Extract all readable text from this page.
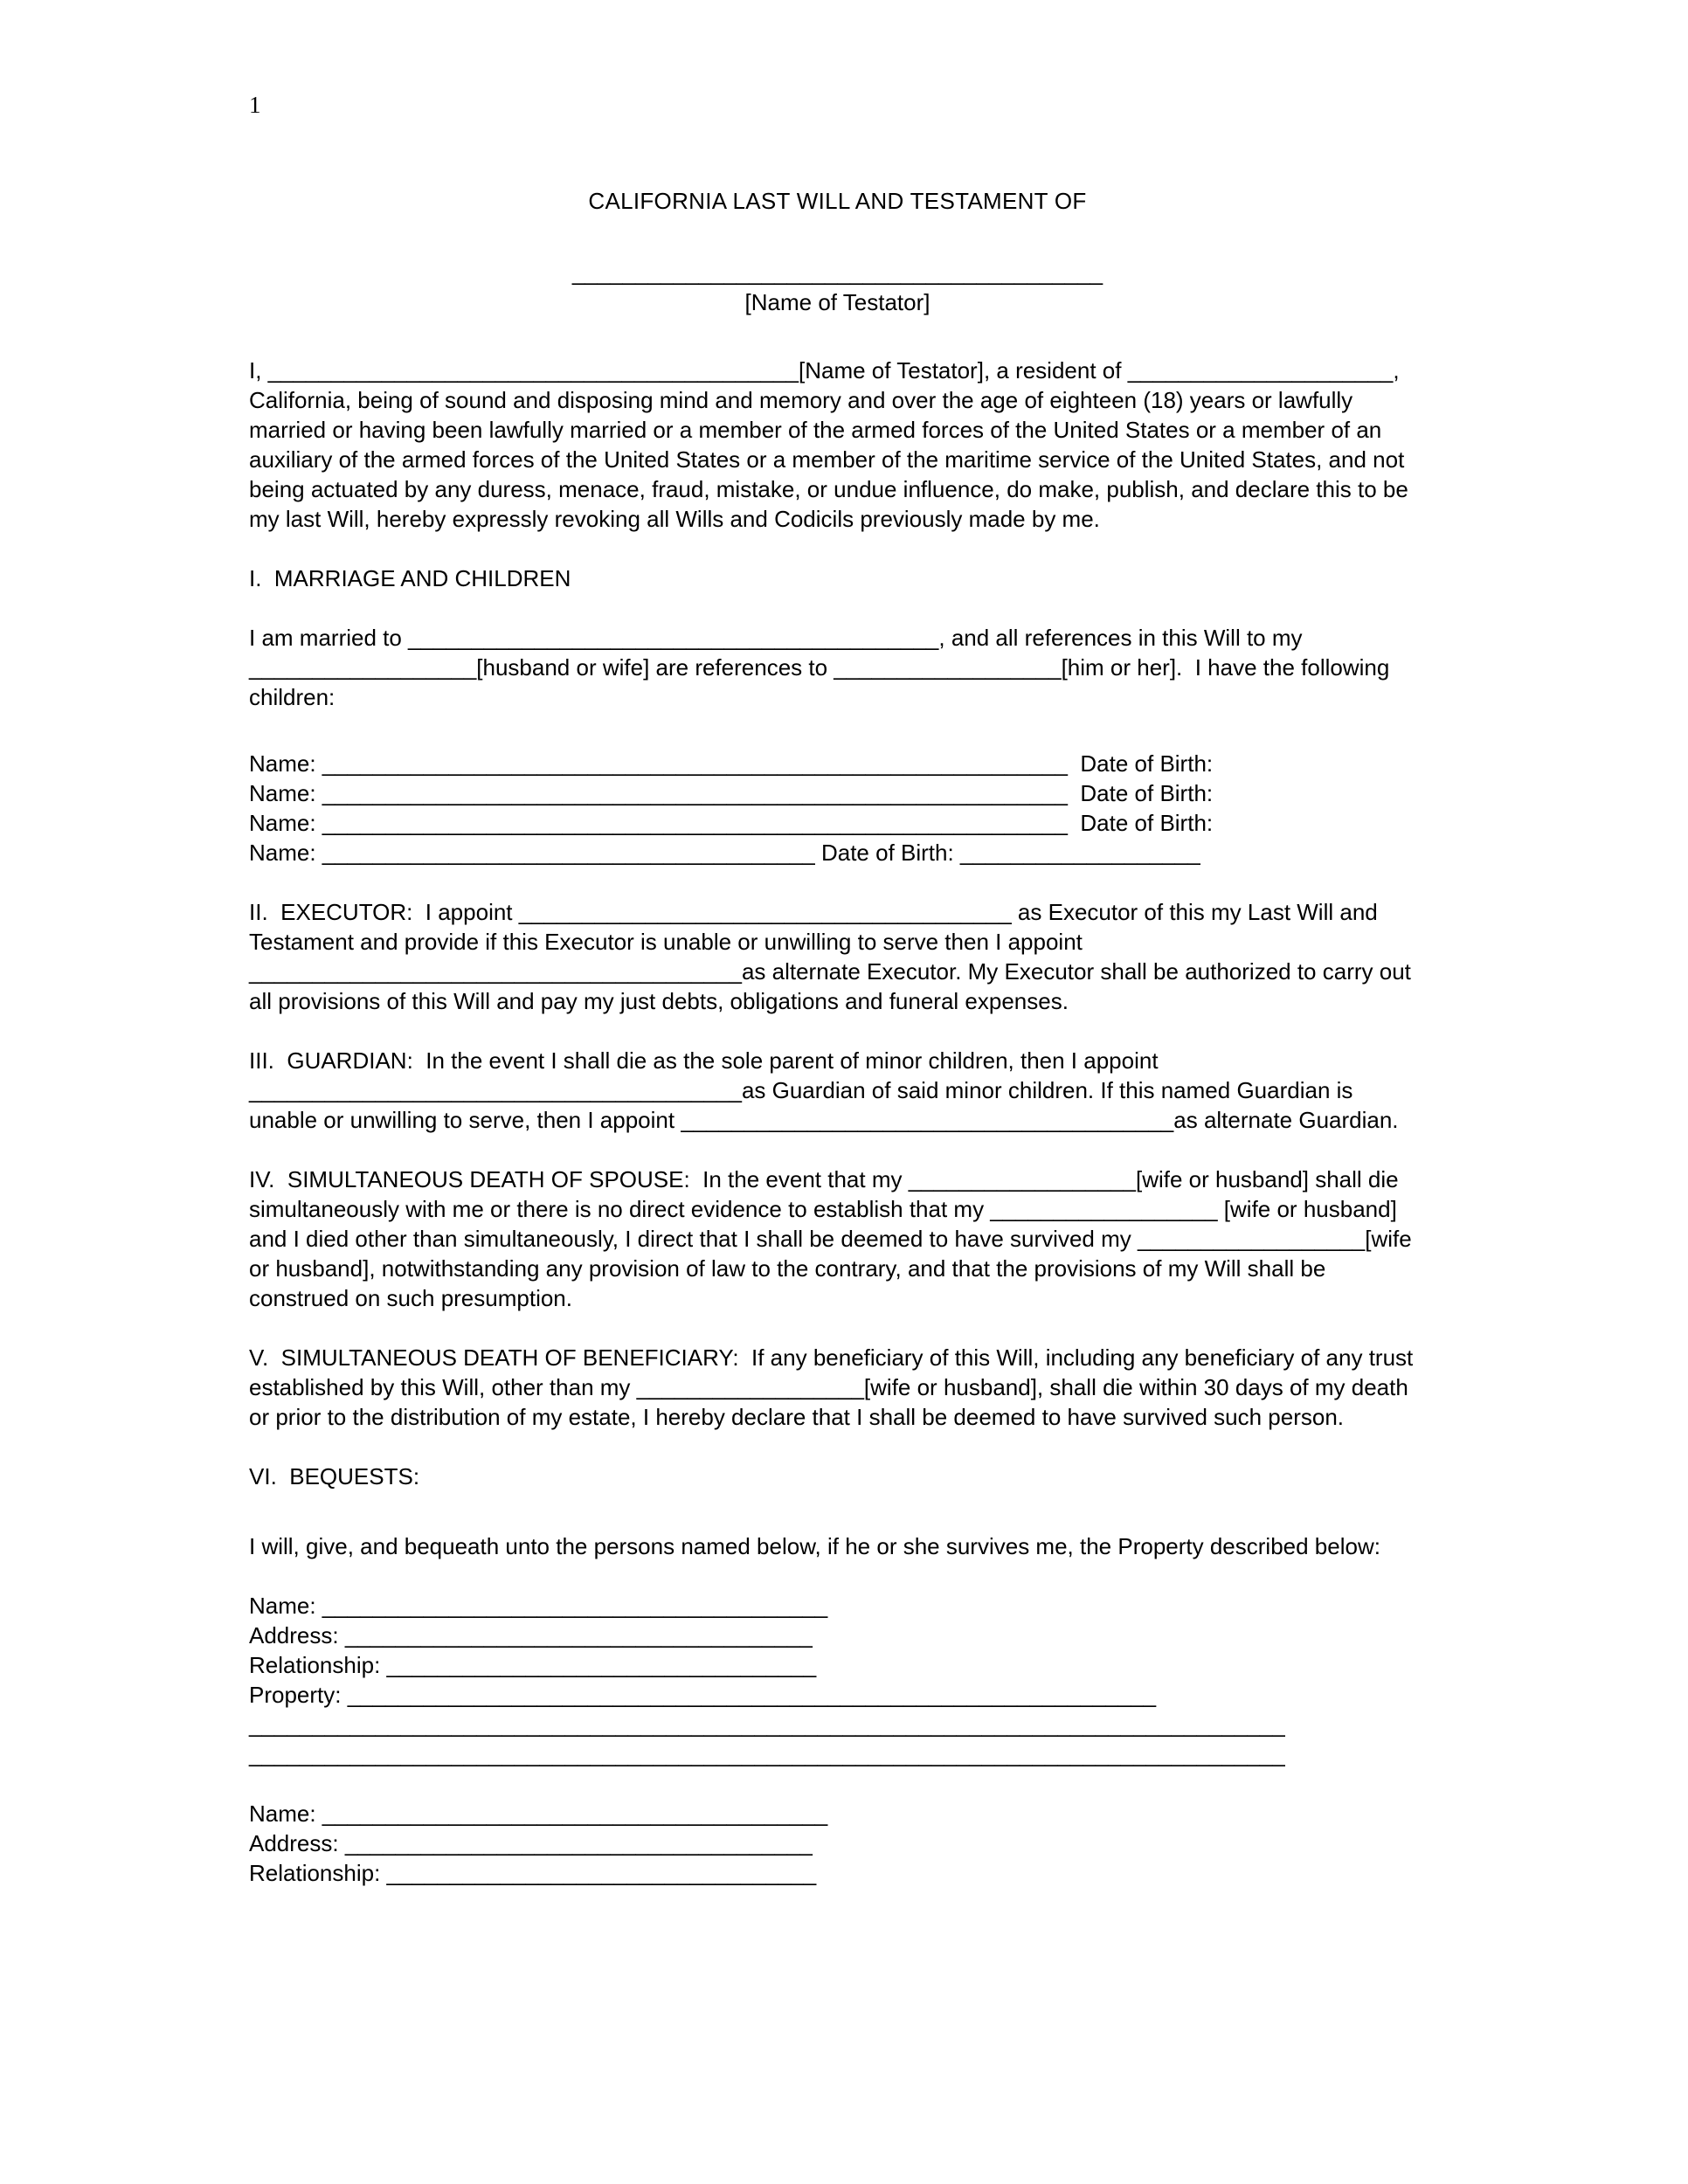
1
CALIFORNIA LAST WILL AND TESTAMENT OF
__________________________________________
[Name of Testator]
I, __________________________________________[Name of Testator], a resident of _____________________, California, being of sound and disposing mind and memory and over the age of eighteen (18) years or lawfully married or having been lawfully married or a member of the armed forces of the United States or a member of an auxiliary of the armed forces of the United States or a member of the maritime service of the United States, and not being actuated by any duress, menace, fraud, mistake, or undue influence, do make, publish, and declare this to be my last Will, hereby expressly revoking all Wills and Codicils previously made by me.
I.  MARRIAGE AND CHILDREN
I am married to __________________________________________, and all references in this Will to my __________________[husband or wife] are references to __________________[him or her].  I have the following children:
Name: ___________________________________________________________  Date of Birth:
Name: ___________________________________________________________  Date of Birth:
Name: ___________________________________________________________  Date of Birth:
Name: _______________________________________ Date of Birth: ___________________
II.  EXECUTOR:  I appoint _______________________________________ as Executor of this my Last Will and Testament and provide if this Executor is unable or unwilling to serve then I appoint _______________________________________as alternate Executor. My Executor shall be authorized to carry out all provisions of this Will and pay my just debts, obligations and funeral expenses.
III.  GUARDIAN:  In the event I shall die as the sole parent of minor children, then I appoint _______________________________________as Guardian of said minor children. If this named Guardian is unable or unwilling to serve, then I appoint _______________________________________as alternate Guardian.
IV.  SIMULTANEOUS DEATH OF SPOUSE:  In the event that my __________________[wife or husband] shall die simultaneously with me or there is no direct evidence to establish that my __________________ [wife or husband] and I died other than simultaneously, I direct that I shall be deemed to have survived my __________________[wife or husband], notwithstanding any provision of law to the contrary, and that the provisions of my Will shall be construed on such presumption.
V.  SIMULTANEOUS DEATH OF BENEFICIARY:  If any beneficiary of this Will, including any beneficiary of any trust established by this Will, other than my __________________[wife or husband], shall die within 30 days of my death or prior to the distribution of my estate, I hereby declare that I shall be deemed to have survived such person.
VI.  BEQUESTS:
I will, give, and bequeath unto the persons named below, if he or she survives me, the Property described below:
Name: ________________________________________
Address: _____________________________________
Relationship: __________________________________
Property: ________________________________________________________________
__________________________________________________________________________________
__________________________________________________________________________________
Name: ________________________________________
Address: _____________________________________
Relationship: __________________________________
